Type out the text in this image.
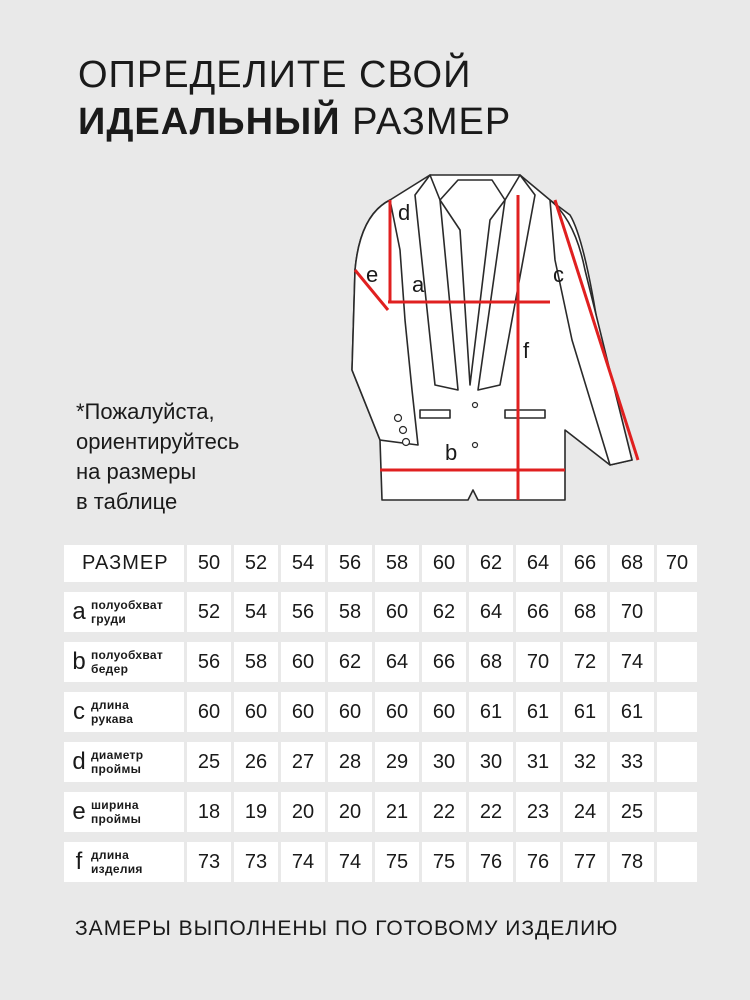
ОПРЕДЕЛИТЕ СВОЙ
ИДЕАЛЬНЫЙ РАЗМЕР
*Пожалуйста,
ориентируйтесь
на размеры
в таблице
d
e a	c
f
b
РАЗМЕР	50	52	54	56	58	60	62	64	66	68	70
a полуобхват
груди	52	54	56	58	60	62	64	66	68	70
b полуобхват
бедер	56	58	60	62	64	66	68	70	72	74
c длина
рукава	60	60	60	60	60	60	61	61	61	61
d диаметр
проймы	25	26	27	28	29	30	30	31	32	33
e ширина
проймы	18	19	20	20	21	22	22	23	24	25
f длина
изделия	73	73	74	74	75	75	76	76	77	78
ЗАМЕРЫ ВЫПОЛНЕНЫ ПО ГОТОВОМУ ИЗДЕЛИЮ
